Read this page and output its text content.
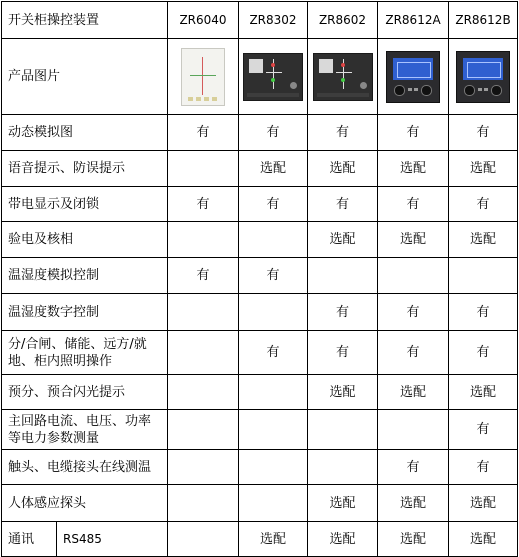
开关柜操控装置		ZR6040	ZR8302	ZR8602	ZR8612A	ZR8612B
产品图片		

动态模拟图		有	有	有	有	有
语音提示、防误提示			选配	选配	选配	选配
带电显示及闭锁		有	有	有	有	有
验电及核相				选配	选配	选配
温湿度模拟控制		有	有			
温湿度数字控制				有	有	有
分/合闸、储能、远方/就地、柜内照明操作			有	有	有	有
预分、预合闪光提示				选配	选配	选配
主回路电流、电压、功率等电力参数测量						有
触头、电缆接头在线测温					有	有
人体感应探头				选配	选配	选配
通讯	RS485		选配	选配	选配	选配
